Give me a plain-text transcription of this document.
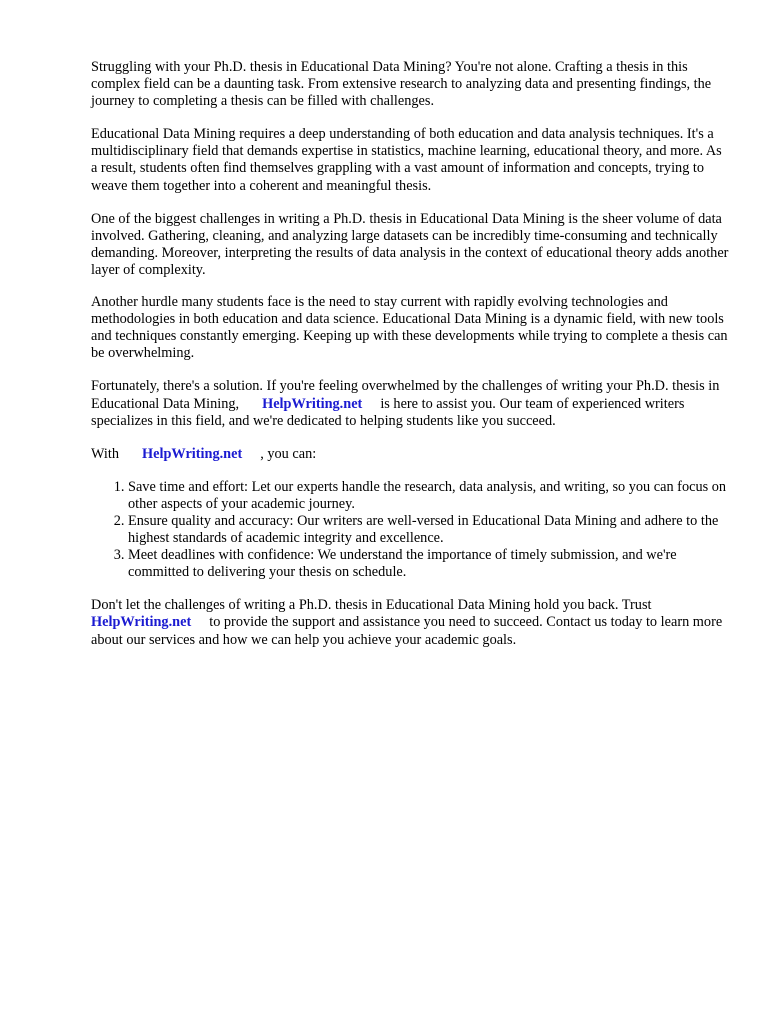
Struggling with your Ph.D. thesis in Educational Data Mining? You're not alone. Crafting a thesis in this complex field can be a daunting task. From extensive research to analyzing data and presenting findings, the journey to completing a thesis can be filled with challenges.

Educational Data Mining requires a deep understanding of both education and data analysis techniques. It's a multidisciplinary field that demands expertise in statistics, machine learning, educational theory, and more. As a result, students often find themselves grappling with a vast amount of information and concepts, trying to weave them together into a coherent and meaningful thesis.

One of the biggest challenges in writing a Ph.D. thesis in Educational Data Mining is the sheer volume of data involved. Gathering, cleaning, and analyzing large datasets can be incredibly time-consuming and technically demanding. Moreover, interpreting the results of data analysis in the context of educational theory adds another layer of complexity.

Another hurdle many students face is the need to stay current with rapidly evolving technologies and methodologies in both education and data science. Educational Data Mining is a dynamic field, with new tools and techniques constantly emerging. Keeping up with these developments while trying to complete a thesis can be overwhelming.

Fortunately, there's a solution. If you're feeling overwhelmed by the challenges of writing your Ph.D. thesis in Educational Data Mining, HelpWriting.net is here to assist you. Our team of experienced writers specializes in this field, and we're dedicated to helping students like you succeed.

With HelpWriting.net , you can:

1. Save time and effort: Let our experts handle the research, data analysis, and writing, so you can focus on other aspects of your academic journey.
2. Ensure quality and accuracy: Our writers are well-versed in Educational Data Mining and adhere to the highest standards of academic integrity and excellence.
3. Meet deadlines with confidence: We understand the importance of timely submission, and we're committed to delivering your thesis on schedule.

Don't let the challenges of writing a Ph.D. thesis in Educational Data Mining hold you back. Trust HelpWriting.net to provide the support and assistance you need to succeed. Contact us today to learn more about our services and how we can help you achieve your academic goals.
